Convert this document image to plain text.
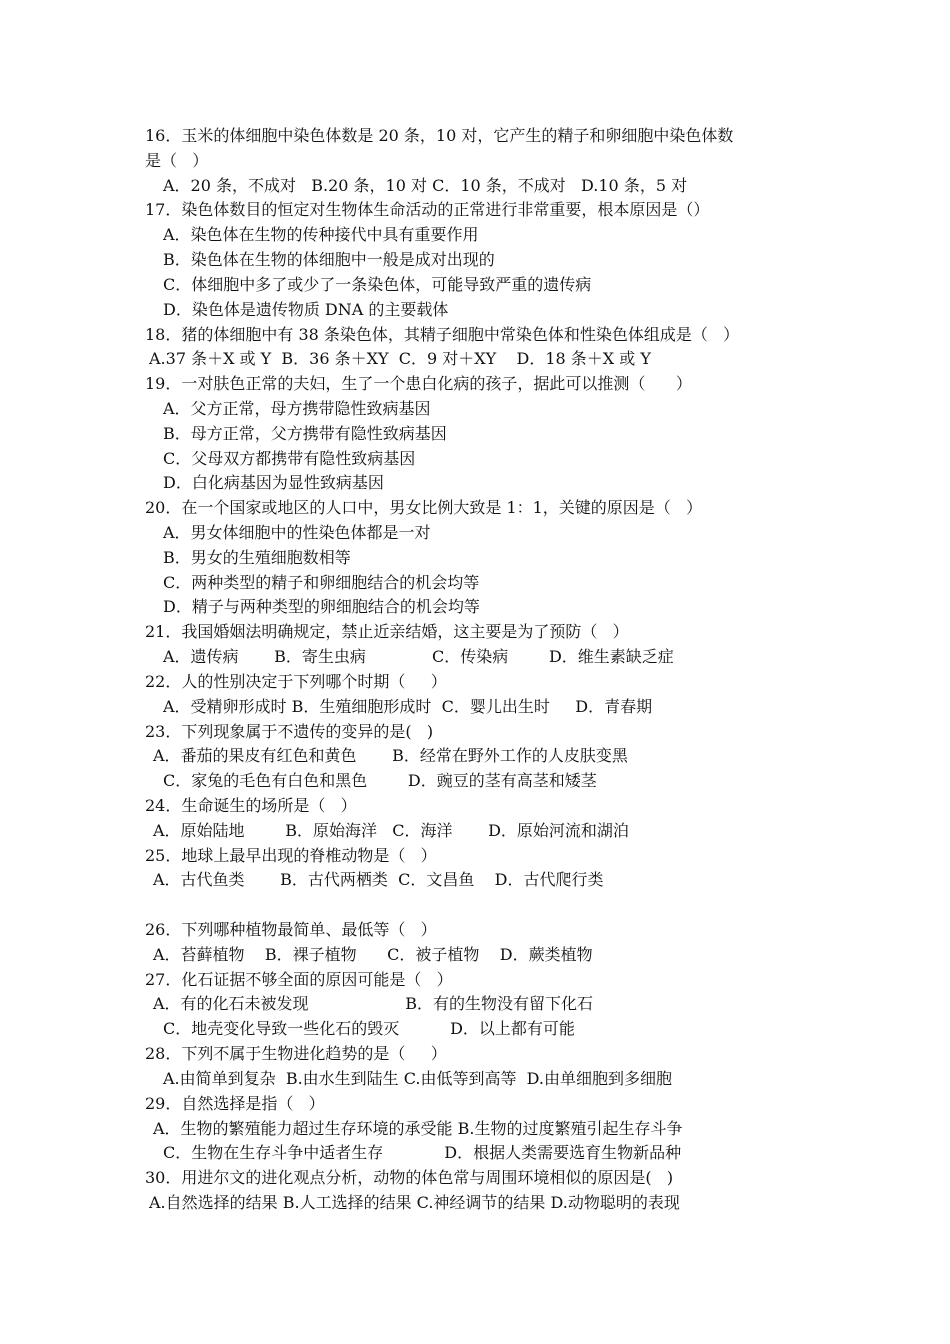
16．玉米的体细胞中染色体数是 20 条，10 对，它产生的精子和卵细胞中染色体数
是（   ）
A．20 条，不成对   B.20 条，10 对 C．10 条，不成对   D.10 条，5 对
17．染色体数目的恒定对生物体生命活动的正常进行非常重要，根本原因是（）
A．染色体在生物的传种接代中具有重要作用
B．染色体在生物的体细胞中一般是成对出现的
C．体细胞中多了或少了一条染色体，可能导致严重的遗传病
D．染色体是遗传物质 DNA 的主要载体
18．猪的体细胞中有 38 条染色体，其精子细胞中常染色体和性染色体组成是（   ）
A.37 条＋X 或 Y  B．36 条＋XY  C．9 对＋XY    D．18 条＋X 或 Y
19．一对肤色正常的夫妇，生了一个患白化病的孩子，据此可以推测（      ）
A．父方正常，母方携带隐性致病基因
B．母方正常，父方携带有隐性致病基因
C．父母双方都携带有隐性致病基因
D．白化病基因为显性致病基因
20．在一个国家或地区的人口中，男女比例大致是 1：1，关键的原因是（   ）
A．男女体细胞中的性染色体都是一对
B．男女的生殖细胞数相等
C．两种类型的精子和卵细胞结合的机会均等
D．精子与两种类型的卵细胞结合的机会均等
21．我国婚姻法明确规定，禁止近亲结婚，这主要是为了预防（   ）
A．遗传病       B．寄生虫病             C．传染病        D．维生素缺乏症
22．人的性别决定于下列哪个时期（     ）
A．受精卵形成时 B．生殖细胞形成时  C．婴儿出生时     D．青春期
23．下列现象属于不遗传的变异的是(   )
A．番茄的果皮有红色和黄色       B．经常在野外工作的人皮肤变黑
C．家兔的毛色有白色和黑色        D．豌豆的茎有高茎和矮茎
24．生命诞生的场所是（   ）
A．原始陆地        B．原始海洋   C．海洋       D．原始河流和湖泊
25．地球上最早出现的脊椎动物是（   ）
A．古代鱼类       B．古代两栖类  C．文昌鱼    D．古代爬行类
26．下列哪种植物最简单、最低等（   ）
A．苔藓植物    B．裸子植物      C．被子植物    D．蕨类植物
27．化石证据不够全面的原因可能是（   ）
A．有的化石未被发现                   B．有的生物没有留下化石
C．地壳变化导致一些化石的毁灭          D．以上都有可能
28．下列不属于生物进化趋势的是（     ）
A.由简单到复杂  B.由水生到陆生 C.由低等到高等  D.由单细胞到多细胞
29．自然选择是指（   ）
A．生物的繁殖能力超过生存环境的承受能 B.生物的过度繁殖引起生存斗争
C．生物在生存斗争中适者生存            D．根据人类需要选育生物新品种
30．用进尔文的进化观点分析，动物的体色常与周围环境相似的原因是(   )
A.自然选择的结果 B.人工选择的结果 C.神经调节的结果 D.动物聪明的表现
